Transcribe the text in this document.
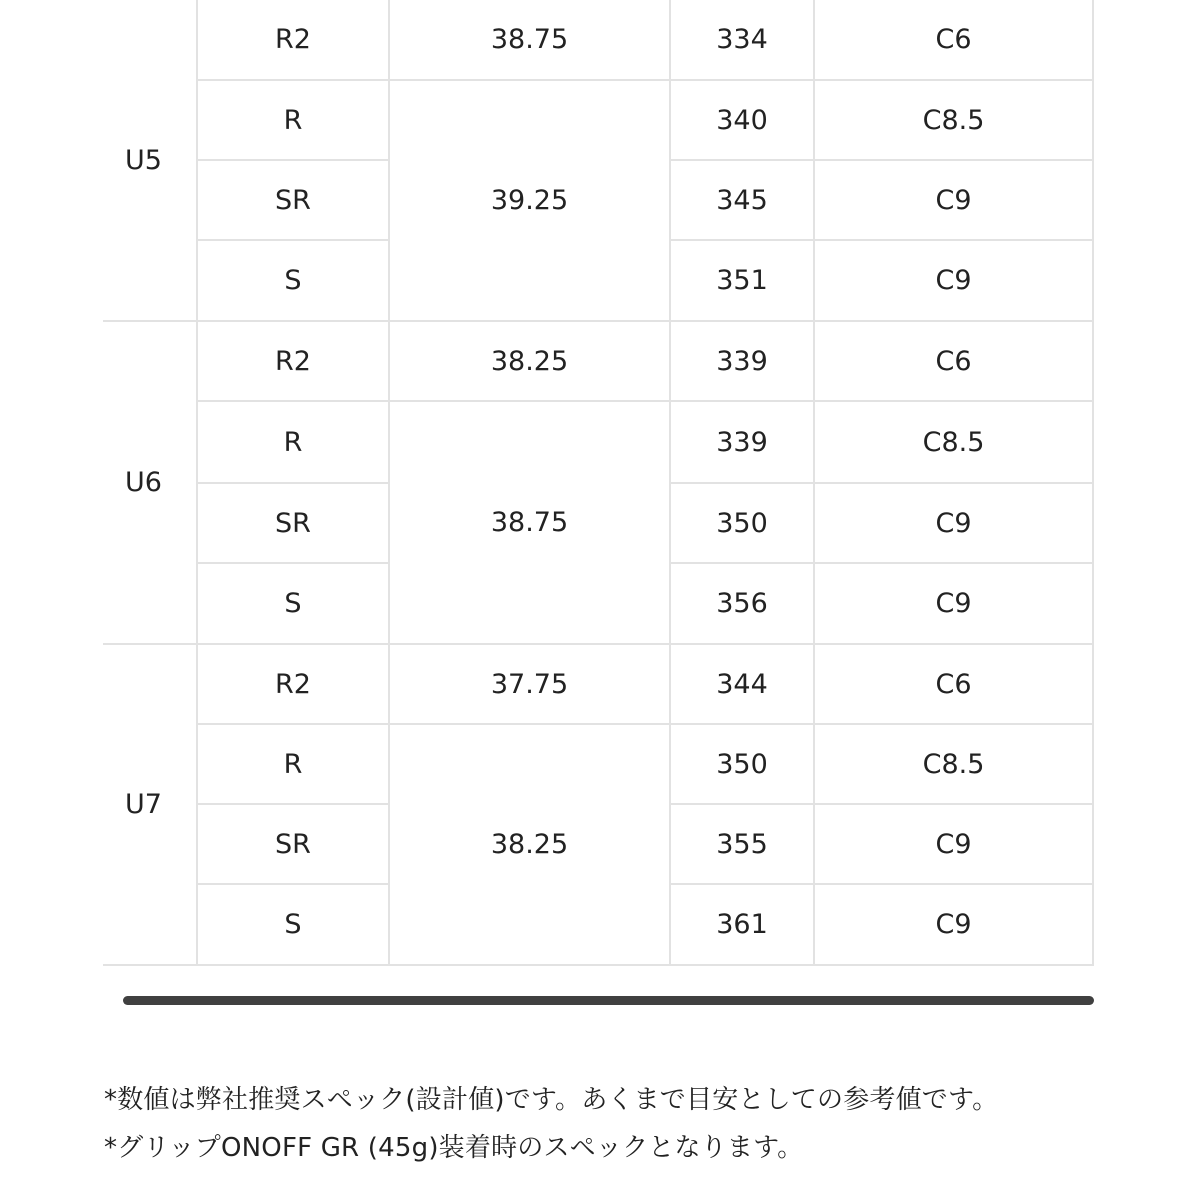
U5	R2	38.75	334	C6
	R	39.25	340	C8.5
	SR		345	C9
	S		351	C9
U6	R2	38.25	339	C6
	R	38.75	339	C8.5
	SR		350	C9
	S		356	C9
U7	R2	37.75	344	C6
	R	38.25	350	C8.5
	SR		355	C9
	S		361	C9

*数値は弊社推奨スペック(設計値)です。あくまで目安としての参考値です。

*グリップONOFF GR (45g)装着時のスペックとなります。
